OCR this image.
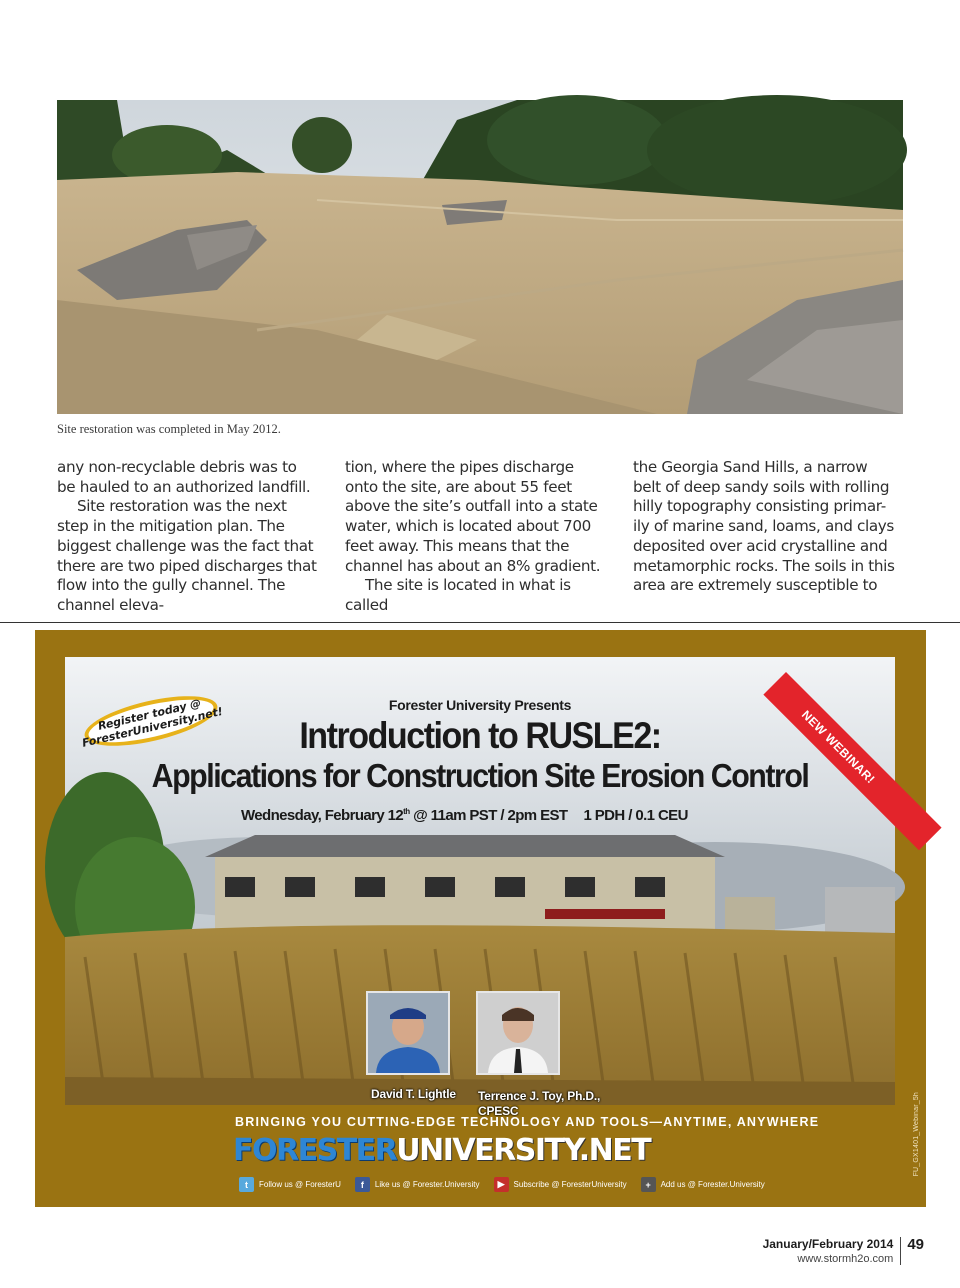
Site restoration was completed in May 2012.

any non-recyclable debris was to be hauled to an authorized landfill.

Site restoration was the next step in the mitigation plan. The biggest challenge was the fact that there are two piped discharges that flow into the gully channel. The channel eleva-

tion, where the pipes discharge onto the site, are about 55 feet above the site’s outfall into a state water, which is located about 700 feet away. This means that the channel has about an 8% gradient.

The site is located in what is called

the Georgia Sand Hills, a narrow belt of deep sandy soils with rolling hilly topography consisting primar- ily of marine sand, loams, and clays deposited over acid crystalline and metamorphic rocks. The soils in this area are extremely susceptible to

Register today @ ForesterUniversity.net!	Forester University Presents
Introduction to RUSLE2:
Applications for Construction Site Erosion Control
Wednesday, February 12th @ 11am PST / 2pm EST 1 PDH / 0.1 CEU
David T. Lightle Terrence J. Toy, Ph.D., CPESC
NEW WEBINAR!
BRINGING YOU CUTTING-EDGE TECHNOLOGY AND TOOLS—ANYTIME, ANYWHERE
FORESTERUNIVERSITY.NET
t	Follow us @ ForesterU	f	Like us @ Forester.University	▶	Subscribe @ ForesterUniversity	+	Add us @ Forester.University
FU_GX1401_Webinar_5h
January/February 2014
www.stormh2o.com
49
